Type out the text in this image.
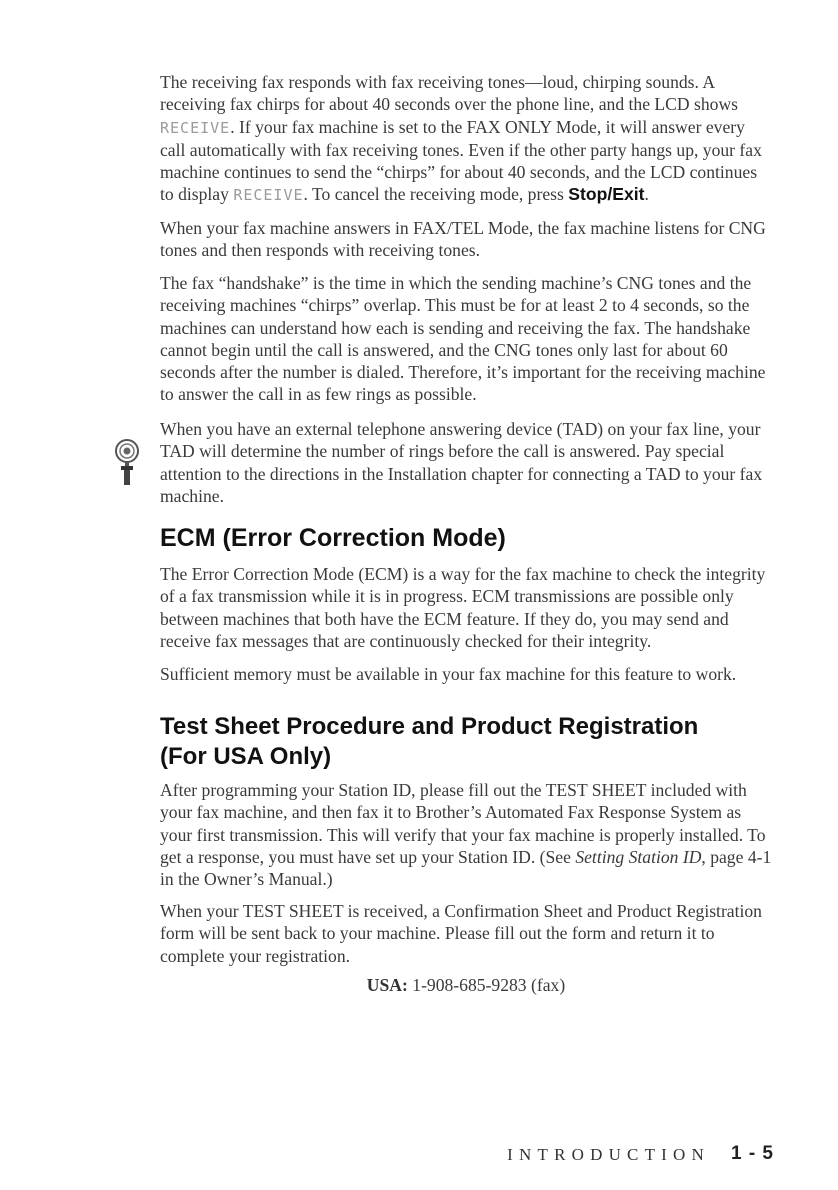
The receiving fax responds with fax receiving tones—loud, chirping sounds. A receiving fax chirps for about 40 seconds over the phone line, and the LCD shows RECEIVE. If your fax machine is set to the FAX ONLY Mode, it will answer every call automatically with fax receiving tones. Even if the other party hangs up, your fax machine continues to send the “chirps” for about 40 seconds, and the LCD continues to display RECEIVE. To cancel the receiving mode, press Stop/Exit.

When your fax machine answers in FAX/TEL Mode, the fax machine listens for CNG tones and then responds with receiving tones.

The fax “handshake” is the time in which the sending machine’s CNG tones and the receiving machines “chirps” overlap. This must be for at least 2 to 4 seconds, so the machines can understand how each is sending and receiving the fax. The handshake cannot begin until the call is answered, and the CNG tones only last for about 60 seconds after the number is dialed. Therefore, it’s important for the receiving machine to answer the call in as few rings as possible.

When you have an external telephone answering device (TAD) on your fax line, your TAD will determine the number of rings before the call is answered. Pay special attention to the directions in the Installation chapter for connecting a TAD to your fax machine.

ECM (Error Correction Mode)

The Error Correction Mode (ECM) is a way for the fax machine to check the integrity of a fax transmission while it is in progress. ECM transmissions are possible only between machines that both have the ECM feature. If they do, you may send and receive fax messages that are continuously checked for their integrity.

Sufficient memory must be available in your fax machine for this feature to work.

Test Sheet Procedure and Product Registration
(For USA Only)

After programming your Station ID, please fill out the TEST SHEET included with your fax machine, and then fax it to Brother’s Automated Fax Response System as your first transmission. This will verify that your fax machine is properly installed. To get a response, you must have set up your Station ID. (See Setting Station ID, page 4-1 in the Owner’s Manual.)

When your TEST SHEET is received, a Confirmation Sheet and Product Registration form will be sent back to your machine. Please fill out the form and return it to complete your registration.

USA: 1-908-685-9283 (fax)
INTRODUCTION 1 - 5
